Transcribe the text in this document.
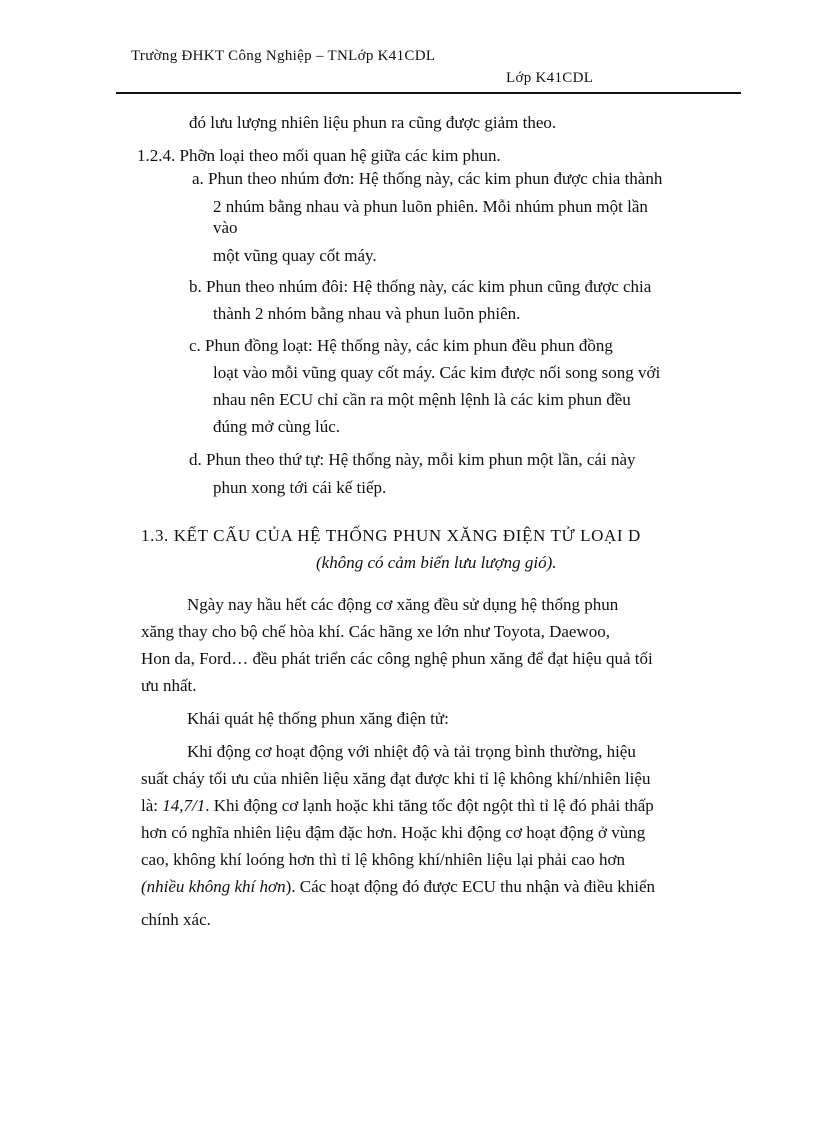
Trường ĐHKT Công Nghiệp – TNLớp K41CDL
Lớp K41CDL
đó lưu lượng nhiên liệu phun ra cũng được giảm theo.
1.2.4. Phỡn loại theo mối quan hệ giữa các kim phun.
a. Phun theo nhúm đơn: Hệ thống này, các kim phun được chia thành
2 nhúm bằng nhau và phun luõn phiên. Mỗi nhúm phun một lần
vào
một vũng quay cốt máy.
b. Phun theo nhúm đôi: Hệ thống này, các kim phun cũng được chia
thành 2 nhóm bằng nhau và phun luõn phiên.
c. Phun đồng loạt: Hệ thống này, các kim phun đều phun đồng
loạt vào mỗi vũng quay cốt máy. Các kim được nối song song với
nhau nên ECU chỉ cần ra một mệnh lệnh là các kim phun đều
đúng mở cùng lúc.
d. Phun theo thứ tự: Hệ thống này, mỗi kim phun một lần, cái này
phun xong tới cái kế tiếp.
1.3. KẾT CẤU CỦA HỆ THỐNG PHUN XĂNG ĐIỆN TỬ LOẠI D
(không có cảm biến lưu lượng gió).
Ngày nay hầu hết các động cơ xăng đều sử dụng hệ thống phun
xăng thay cho bộ chế hòa khí. Các hãng xe lớn như Toyota, Daewoo,
Hon da, Ford… đều phát triển các công nghệ phun xăng để đạt hiệu quả tối
ưu nhất.
Khái quát hệ thống phun xăng điện tử:
Khi động cơ hoạt động với nhiệt độ và tải trọng bình thường, hiệu
suất cháy tối ưu của nhiên liệu xăng đạt được khi tỉ lệ không khí/nhiên liệu
là: 14,7/1. Khi động cơ lạnh hoặc khi tăng tốc đột ngột thì tỉ lệ đó phải thấp
hơn có nghĩa nhiên liệu đậm đặc hơn. Hoặc khi động cơ hoạt động ở vùng
cao, không khí loóng hơn thì tỉ lệ không khí/nhiên liệu lại phải cao hơn
(nhiều không khí hơn). Các hoạt động đó được ECU thu nhận và điều khiển
chính xác.
